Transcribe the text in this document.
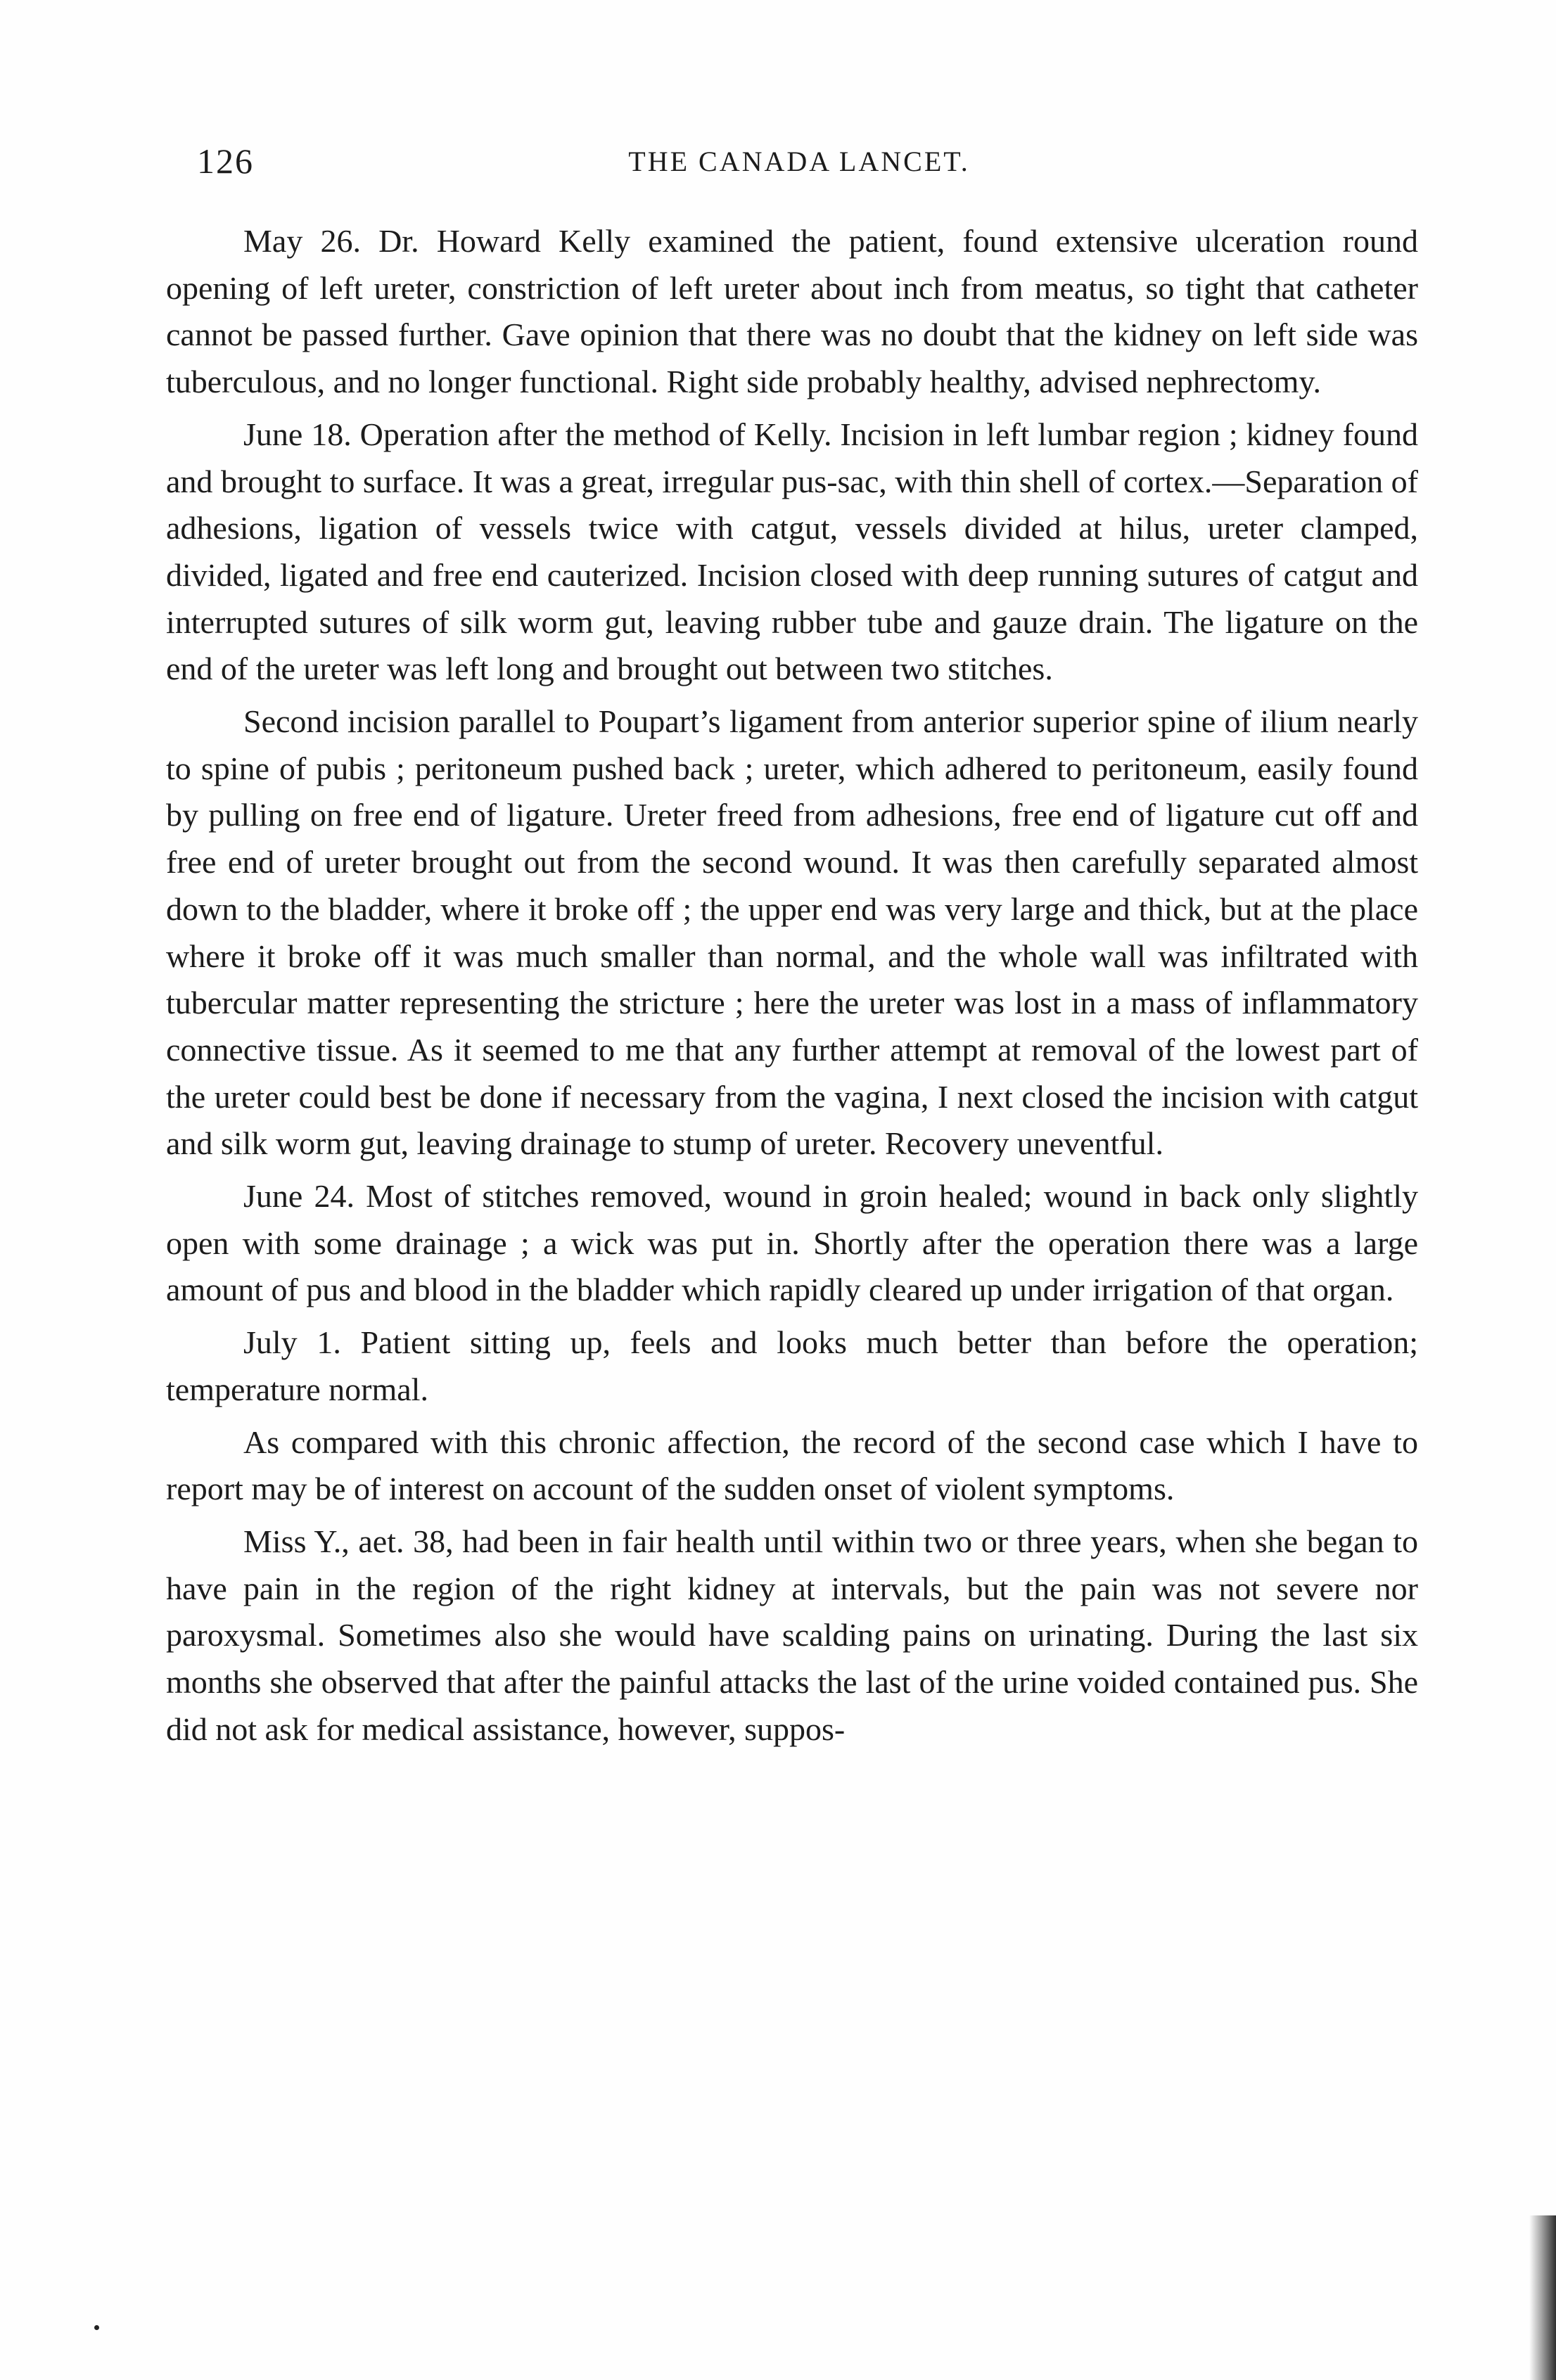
126	THE CANADA LANCET.

May 26. Dr. Howard Kelly examined the patient, found extensive ulceration round opening of left ureter, constriction of left ureter about inch from meatus, so tight that catheter cannot be passed further. Gave opinion that there was no doubt that the kidney on left side was tuberculous, and no longer functional. Right side probably healthy, advised nephrectomy.

June 18. Operation after the method of Kelly. Incision in left lumbar region ; kidney found and brought to surface. It was a great, irregular pus-sac, with thin shell of cortex.—Separation of adhesions, ligation of vessels twice with catgut, vessels divided at hilus, ureter clamped, divided, ligated and free end cauterized. Incision closed with deep running sutures of catgut and interrupted sutures of silk worm gut, leaving rubber tube and gauze drain. The ligature on the end of the ureter was left long and brought out between two stitches.

Second incision parallel to Poupart’s ligament from anterior superior spine of ilium nearly to spine of pubis ; peritoneum pushed back ; ureter, which adhered to peritoneum, easily found by pulling on free end of ligature. Ureter freed from adhesions, free end of ligature cut off and free end of ureter brought out from the second wound. It was then carefully separated almost down to the bladder, where it broke off ; the upper end was very large and thick, but at the place where it broke off it was much smaller than normal, and the whole wall was infiltrated with tubercular matter representing the stricture ; here the ureter was lost in a mass of inflammatory connective tissue. As it seemed to me that any further attempt at removal of the lowest part of the ureter could best be done if necessary from the vagina, I next closed the incision with catgut and silk worm gut, leaving drainage to stump of ureter. Recovery uneventful.

June 24. Most of stitches removed, wound in groin healed; wound in back only slightly open with some drainage ; a wick was put in. Shortly after the operation there was a large amount of pus and blood in the bladder which rapidly cleared up under irrigation of that organ.

July 1. Patient sitting up, feels and looks much better than before the operation; temperature normal.

As compared with this chronic affection, the record of the second case which I have to report may be of interest on account of the sudden onset of violent symptoms.

Miss Y., aet. 38, had been in fair health until within two or three years, when she began to have pain in the region of the right kidney at intervals, but the pain was not severe nor paroxysmal. Sometimes also she would have scalding pains on urinating. During the last six months she observed that after the painful attacks the last of the urine voided contained pus. She did not ask for medical assistance, however, suppos-
